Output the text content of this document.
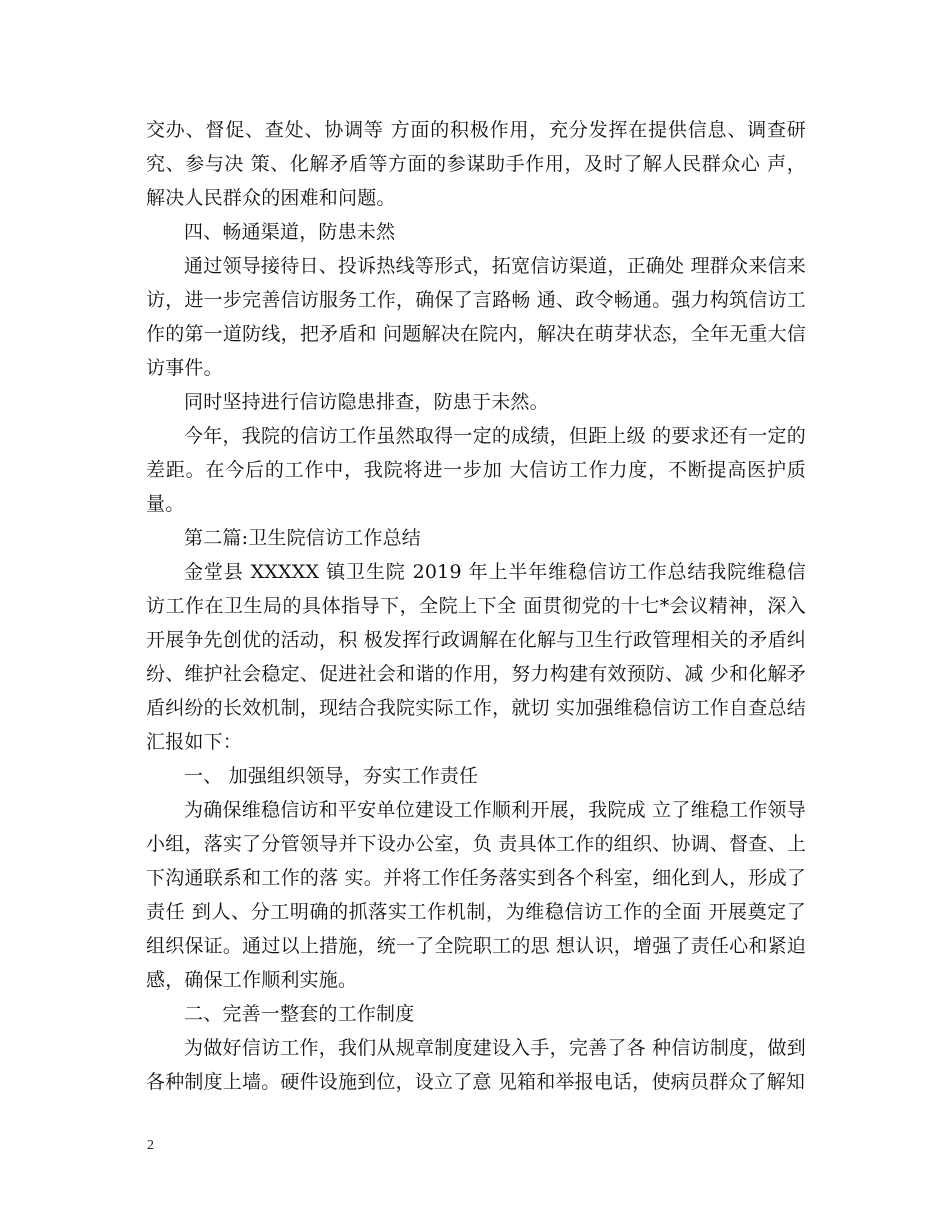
交办、督促、查处、协调等 方面的积极作用，充分发挥在提供信息、调查研究、参与决 策、化解矛盾等方面的参谋助手作用，及时了解人民群众心 声，解决人民群众的困难和问题。

四、畅通渠道，防患未然

通过领导接待日、投诉热线等形式，拓宽信访渠道，正确处 理群众来信来访，进一步完善信访服务工作，确保了言路畅 通、政令畅通。强力构筑信访工作的第一道防线，把矛盾和 问题解决在院内，解决在萌芽状态，全年无重大信访事件。

同时坚持进行信访隐患排查，防患于未然。

今年，我院的信访工作虽然取得一定的成绩，但距上级 的要求还有一定的差距。在今后的工作中，我院将进一步加 大信访工作力度，不断提高医护质量。

第二篇:卫生院信访工作总结

金堂县 XXXXX 镇卫生院 2019 年上半年维稳信访工作总结我院维稳信访工作在卫生局的具体指导下，全院上下全 面贯彻党的十七*会议精神，深入开展争先创优的活动，积 极发挥行政调解在化解与卫生行政管理相关的矛盾纠纷、维护社会稳定、促进社会和谐的作用，努力构建有效预防、减 少和化解矛盾纠纷的长效机制，现结合我院实际工作，就切 实加强维稳信访工作自查总结汇报如下：

一、 加强组织领导，夯实工作责任

为确保维稳信访和平安单位建设工作顺利开展，我院成 立了维稳工作领导小组，落实了分管领导并下设办公室，负 责具体工作的组织、协调、督查、上下沟通联系和工作的落 实。并将工作任务落实到各个科室，细化到人，形成了责任 到人、分工明确的抓落实工作机制，为维稳信访工作的全面 开展奠定了组织保证。通过以上措施，统一了全院职工的思 想认识，增强了责任心和紧迫感，确保工作顺利实施。

二、完善一整套的工作制度

为做好信访工作，我们从规章制度建设入手，完善了各 种信访制度，做到各种制度上墙。硬件设施到位，设立了意 见箱和举报电话，使病员群众了解知

2
